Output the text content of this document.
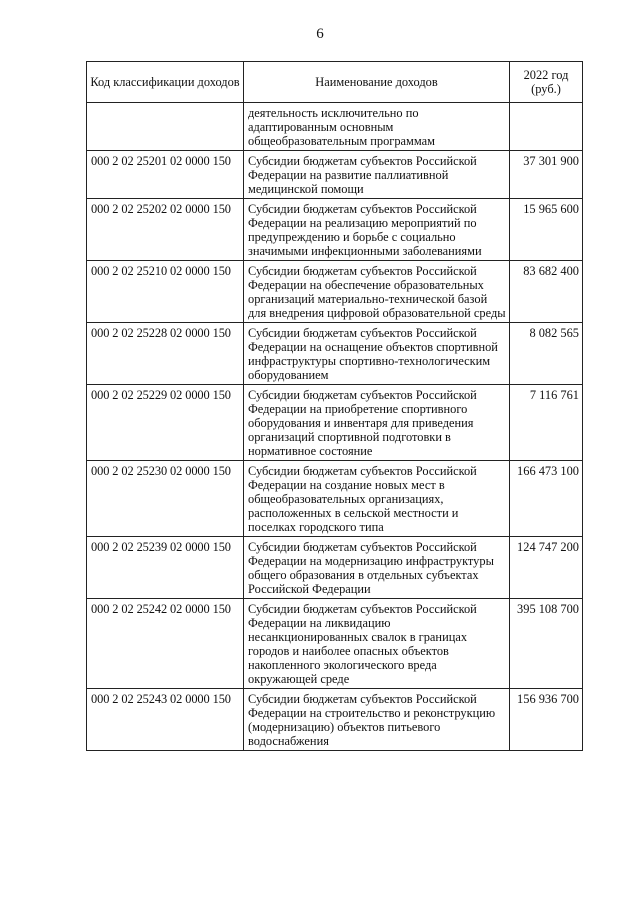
6
Код классификации доходов	Наименование доходов	2022 год (руб.)
	деятельность исключительно по адаптированным основным общеобразовательным программам	
000 2 02 25201 02 0000 150	Субсидии бюджетам субъектов Российской Федерации на развитие паллиативной медицинской помощи	37 301 900
000 2 02 25202 02 0000 150	Субсидии бюджетам субъектов Российской Федерации на реализацию мероприятий по предупреждению и борьбе с социально значимыми инфекционными заболеваниями	15 965 600
000 2 02 25210 02 0000 150	Субсидии бюджетам субъектов Российской Федерации на обеспечение образовательных организаций материально-технической базой для внедрения цифровой образовательной среды	83 682 400
000 2 02 25228 02 0000 150	Субсидии бюджетам субъектов Российской Федерации на оснащение объектов спортивной инфраструктуры спортивно-технологическим оборудованием	8 082 565
000 2 02 25229 02 0000 150	Субсидии бюджетам субъектов Российской Федерации на приобретение спортивного оборудования и инвентаря для приведения организаций спортивной подготовки в нормативное состояние	7 116 761
000 2 02 25230 02 0000 150	Субсидии бюджетам субъектов Российской Федерации на создание новых мест в общеобразовательных организациях, расположенных в сельской местности и поселках городского типа	166 473 100
000 2 02 25239 02 0000 150	Субсидии бюджетам субъектов Российской Федерации на модернизацию инфраструктуры общего образования в отдельных субъектах Российской Федерации	124 747 200
000 2 02 25242 02 0000 150	Субсидии бюджетам субъектов Российской Федерации на ликвидацию несанкционированных свалок в границах городов и наиболее опасных объектов накопленного экологического вреда окружающей среде	395 108 700
000 2 02 25243 02 0000 150	Субсидии бюджетам субъектов Российской Федерации на строительство и реконструкцию (модернизацию) объектов питьевого водоснабжения	156 936 700
